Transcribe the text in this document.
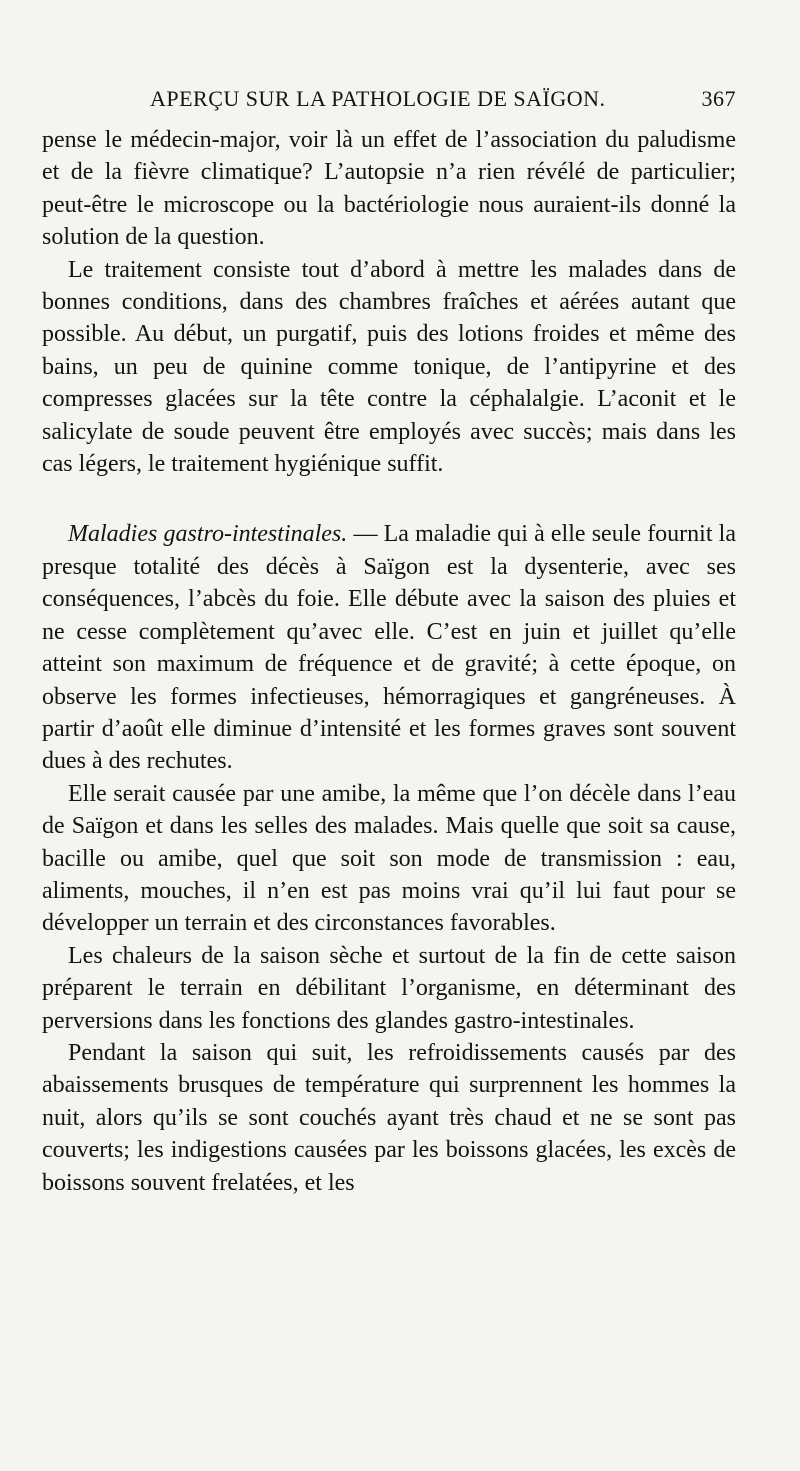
APERÇU SUR LA PATHOLOGIE DE SAÏGON.	367

pense le médecin-major, voir là un effet de l’association du paludisme et de la fièvre climatique? L’autopsie n’a rien révélé de particulier; peut-être le microscope ou la bactériologie nous auraient-ils donné la solution de la question.

Le traitement consiste tout d’abord à mettre les malades dans de bonnes conditions, dans des chambres fraîches et aérées autant que possible. Au début, un purgatif, puis des lotions froides et même des bains, un peu de quinine comme tonique, de l’antipyrine et des compresses glacées sur la tête contre la céphalalgie. L’aconit et le salicylate de soude peuvent être employés avec succès; mais dans les cas légers, le traitement hygiénique suffit.

Maladies gastro-intestinales. — La maladie qui à elle seule fournit la presque totalité des décès à Saïgon est la dysenterie, avec ses conséquences, l’abcès du foie. Elle débute avec la saison des pluies et ne cesse complètement qu’avec elle. C’est en juin et juillet qu’elle atteint son maximum de fréquence et de gravité; à cette époque, on observe les formes infectieuses, hémorragiques et gangréneuses. À partir d’août elle diminue d’intensité et les formes graves sont souvent dues à des rechutes.

Elle serait causée par une amibe, la même que l’on décèle dans l’eau de Saïgon et dans les selles des malades. Mais quelle que soit sa cause, bacille ou amibe, quel que soit son mode de transmission : eau, aliments, mouches, il n’en est pas moins vrai qu’il lui faut pour se développer un terrain et des circonstances favorables.

Les chaleurs de la saison sèche et surtout de la fin de cette saison préparent le terrain en débilitant l’organisme, en déterminant des perversions dans les fonctions des glandes gastro-intestinales.

Pendant la saison qui suit, les refroidissements causés par des abaissements brusques de température qui surprennent les hommes la nuit, alors qu’ils se sont couchés ayant très chaud et ne se sont pas couverts; les indigestions causées par les boissons glacées, les excès de boissons souvent frelatées, et les
